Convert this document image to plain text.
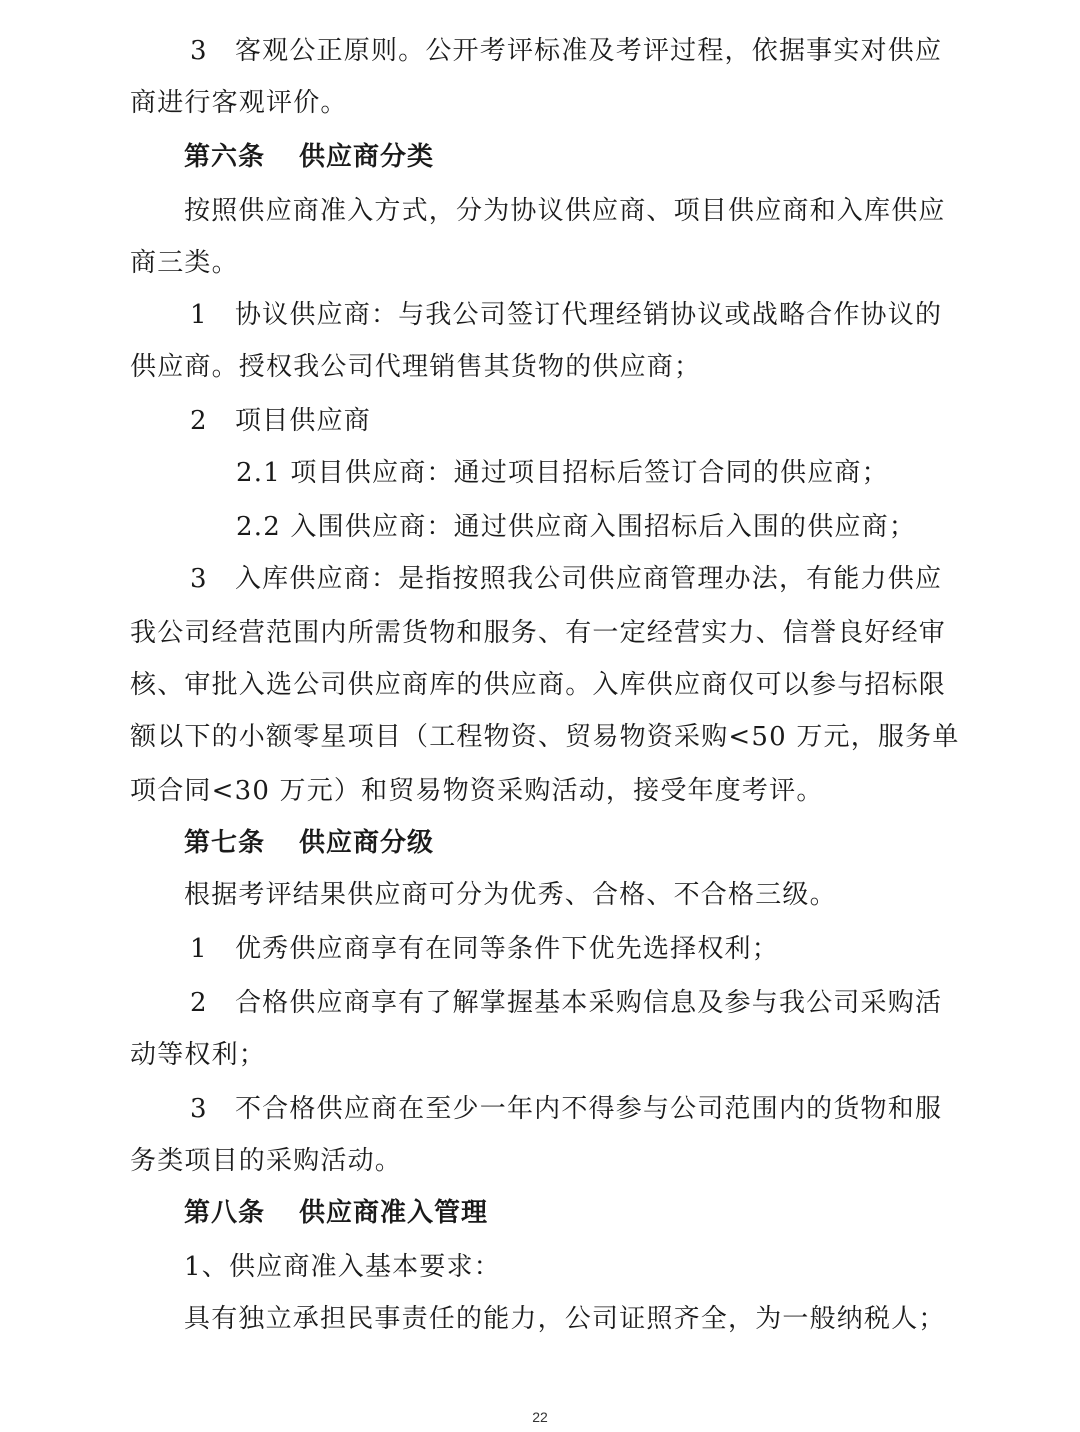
3　客观公正原则。公开考评标准及考评过程，依据事实对供应
商进行客观评价。
第六条 供应商分类
按照供应商准入方式，分为协议供应商、项目供应商和入库供应
商三类。
1　协议供应商：与我公司签订代理经销协议或战略合作协议的
供应商。授权我公司代理销售其货物的供应商；
2　项目供应商
2.1 项目供应商：通过项目招标后签订合同的供应商；
2.2 入围供应商：通过供应商入围招标后入围的供应商；
3　入库供应商：是指按照我公司供应商管理办法，有能力供应
我公司经营范围内所需货物和服务、有一定经营实力、信誉良好经审
核、审批入选公司供应商库的供应商。入库供应商仅可以参与招标限
额以下的小额零星项目（工程物资、贸易物资采购<50 万元，服务单
项合同<30 万元）和贸易物资采购活动，接受年度考评。
第七条 供应商分级
根据考评结果供应商可分为优秀、合格、不合格三级。
1　优秀供应商享有在同等条件下优先选择权利；
2　合格供应商享有了解掌握基本采购信息及参与我公司采购活
动等权利；
3　不合格供应商在至少一年内不得参与公司范围内的货物和服
务类项目的采购活动。
第八条 供应商准入管理
1、供应商准入基本要求：
具有独立承担民事责任的能力，公司证照齐全，为一般纳税人；
22
